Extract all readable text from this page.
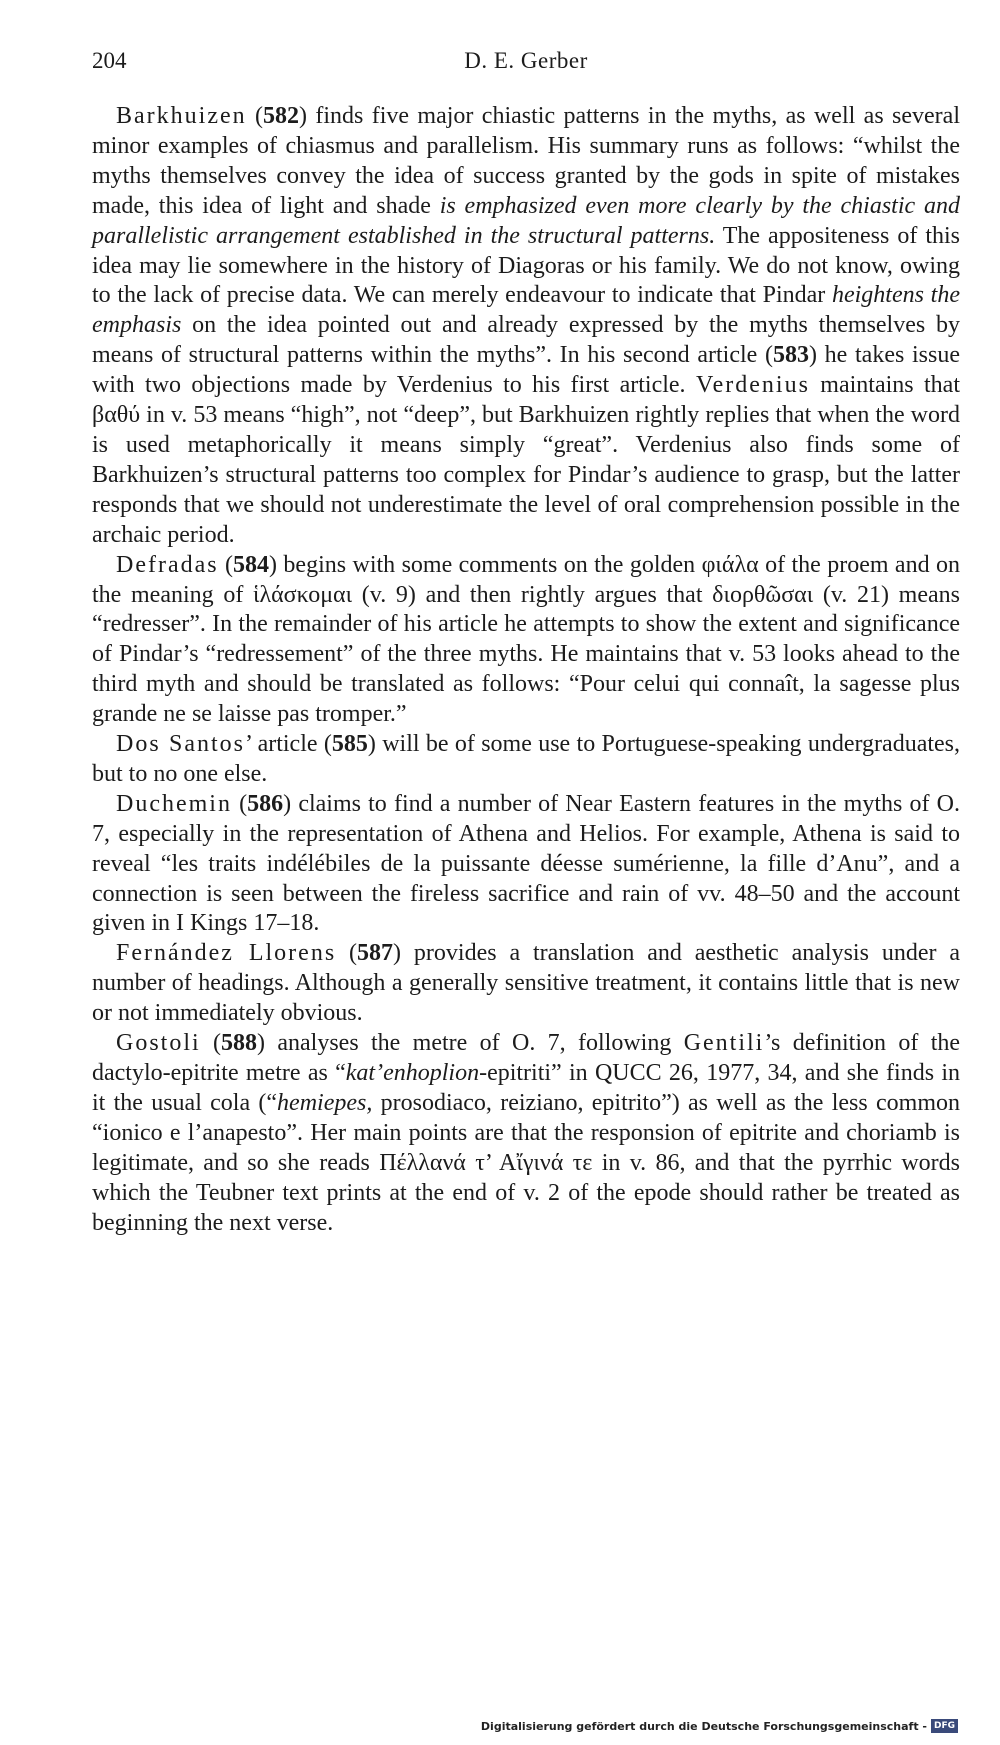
204	D. E. Gerber

Barkhuizen (582) finds five major chiastic patterns in the myths, as well as several minor examples of chiasmus and parallelism. His summary runs as follows: “whilst the myths themselves convey the idea of success granted by the gods in spite of mistakes made, this idea of light and shade is emphasized even more clearly by the chiastic and parallelistic arrangement established in the structural patterns. The appositeness of this idea may lie somewhere in the history of Diagoras or his family. We do not know, owing to the lack of precise data. We can merely endeavour to indicate that Pindar heightens the emphasis on the idea pointed out and already expressed by the myths themselves by means of structural patterns within the myths”. In his second article (583) he takes issue with two objections made by Verdenius to his first article. Verdenius maintains that βαθύ in v. 53 means “high”, not “deep”, but Barkhuizen rightly replies that when the word is used metaphorically it means simply “great”. Verdenius also finds some of Barkhuizen’s structural patterns too complex for Pindar’s audience to grasp, but the latter responds that we should not underestimate the level of oral comprehension possible in the archaic period.

Defradas (584) begins with some comments on the golden φιάλα of the proem and on the meaning of ἱλάσκομαι (v. 9) and then rightly argues that διορθῶσαι (v. 21) means “redresser”. In the remainder of his article he attempts to show the extent and significance of Pindar’s “redressement” of the three myths. He maintains that v. 53 looks ahead to the third myth and should be translated as follows: “Pour celui qui connaît, la sagesse plus grande ne se laisse pas tromper.”

Dos Santos’ article (585) will be of some use to Portuguese-speaking undergraduates, but to no one else.

Duchemin (586) claims to find a number of Near Eastern features in the myths of O. 7, especially in the representation of Athena and Helios. For example, Athena is said to reveal “les traits indélébiles de la puissante déesse sumérienne, la fille d’Anu”, and a connection is seen between the fireless sacrifice and rain of vv. 48–50 and the account given in I Kings 17–18.

Fernández Llorens (587) provides a translation and aesthetic analysis under a number of headings. Although a generally sensitive treatment, it contains little that is new or not immediately obvious.

Gostoli (588) analyses the metre of O. 7, following Gentili’s definition of the dactylo-epitrite metre as “kat’enhoplion-epitriti” in QUCC 26, 1977, 34, and she finds in it the usual cola (“hemiepes, prosodiaco, reiziano, epitrito”) as well as the less common “ionico e l’anapesto”. Her main points are that the responsion of epitrite and choriamb is legitimate, and so she reads Πέλλανά τ’ Αἴγινά τε in v. 86, and that the pyrrhic words which the Teubner text prints at the end of v. 2 of the epode should rather be treated as beginning the next verse.

Digitalisierung gefördert durch die Deutsche Forschungsgemeinschaft - DFG
